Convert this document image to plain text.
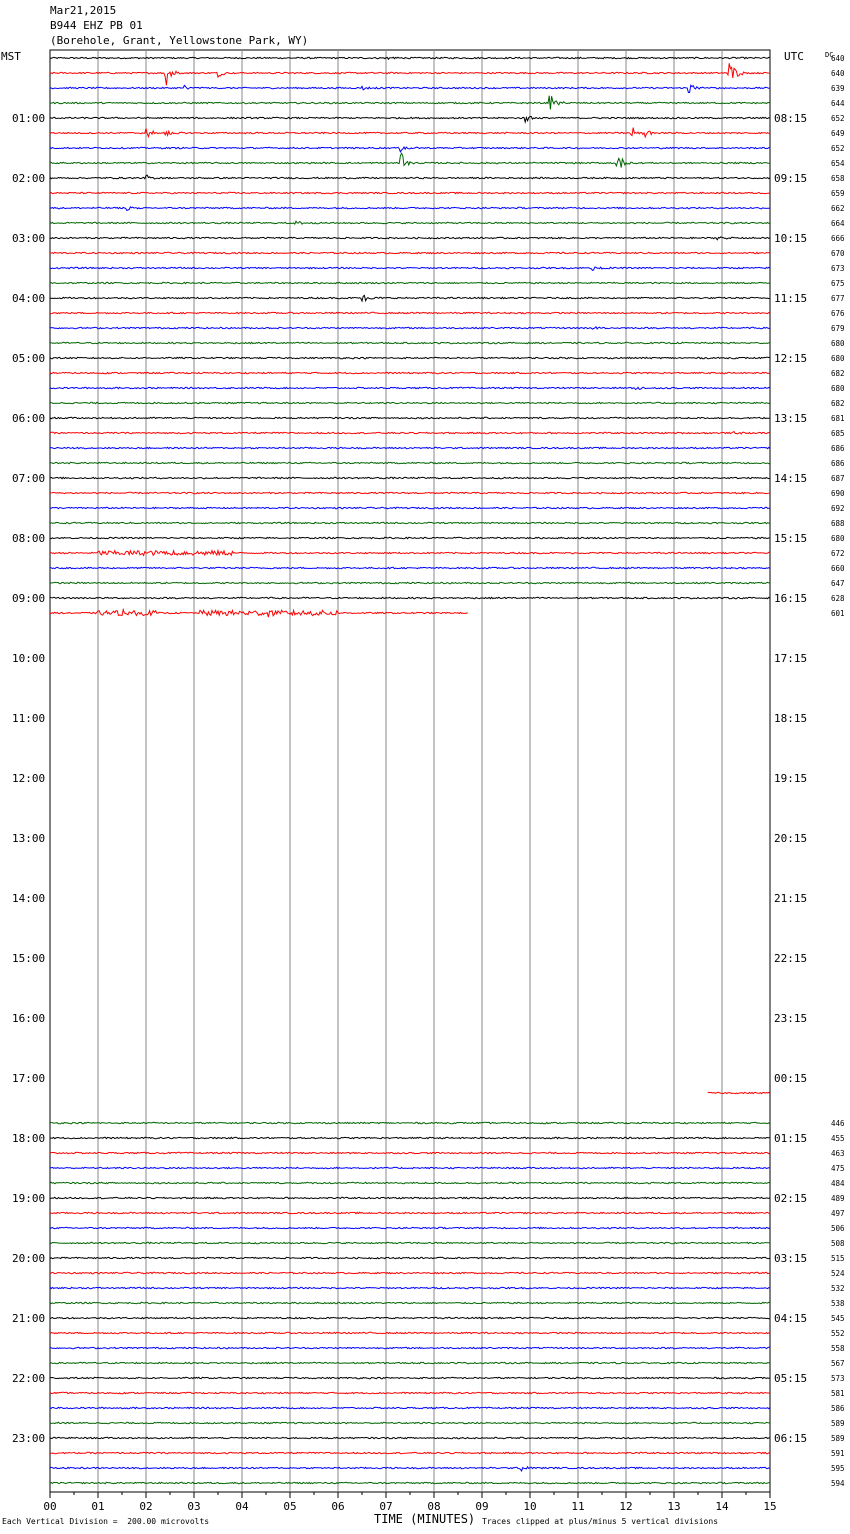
Mar21,2015
B944 EHZ PB 01
(Borehole, Grant, Yellowstone Park, WY)
MST	UTC	DC
00	01	02	03	04	05	06	07	08	09	10	11	12	13	14	15
640
640
639
644
652
649
652
654
658
659
662
664
666
670
673
675
677
676
679
680
680
682
680
682
681
685
686
686
687
690
692
688
680
672
660
647
628
601
446
455
463
475
484
489
497
506
508
515
524
532
538
545
552
558
567
573
581
586
589
589
591
595
594
01:00	08:15
02:00	09:15
03:00	10:15
04:00	11:15
05:00	12:15
06:00	13:15
07:00	14:15
08:00	15:15
09:00	16:15
10:00	17:15
11:00	18:15
12:00	19:15
13:00	20:15
14:00	21:15
15:00	22:15
16:00	23:15
17:00	00:15
18:00	01:15
19:00	02:15
20:00	03:15
21:00	04:15
22:00	05:15
23:00	06:15
Each Vertical Division =  200.00 microvolts	TIME (MINUTES) Traces clipped at plus/minus 5 vertical divisions
